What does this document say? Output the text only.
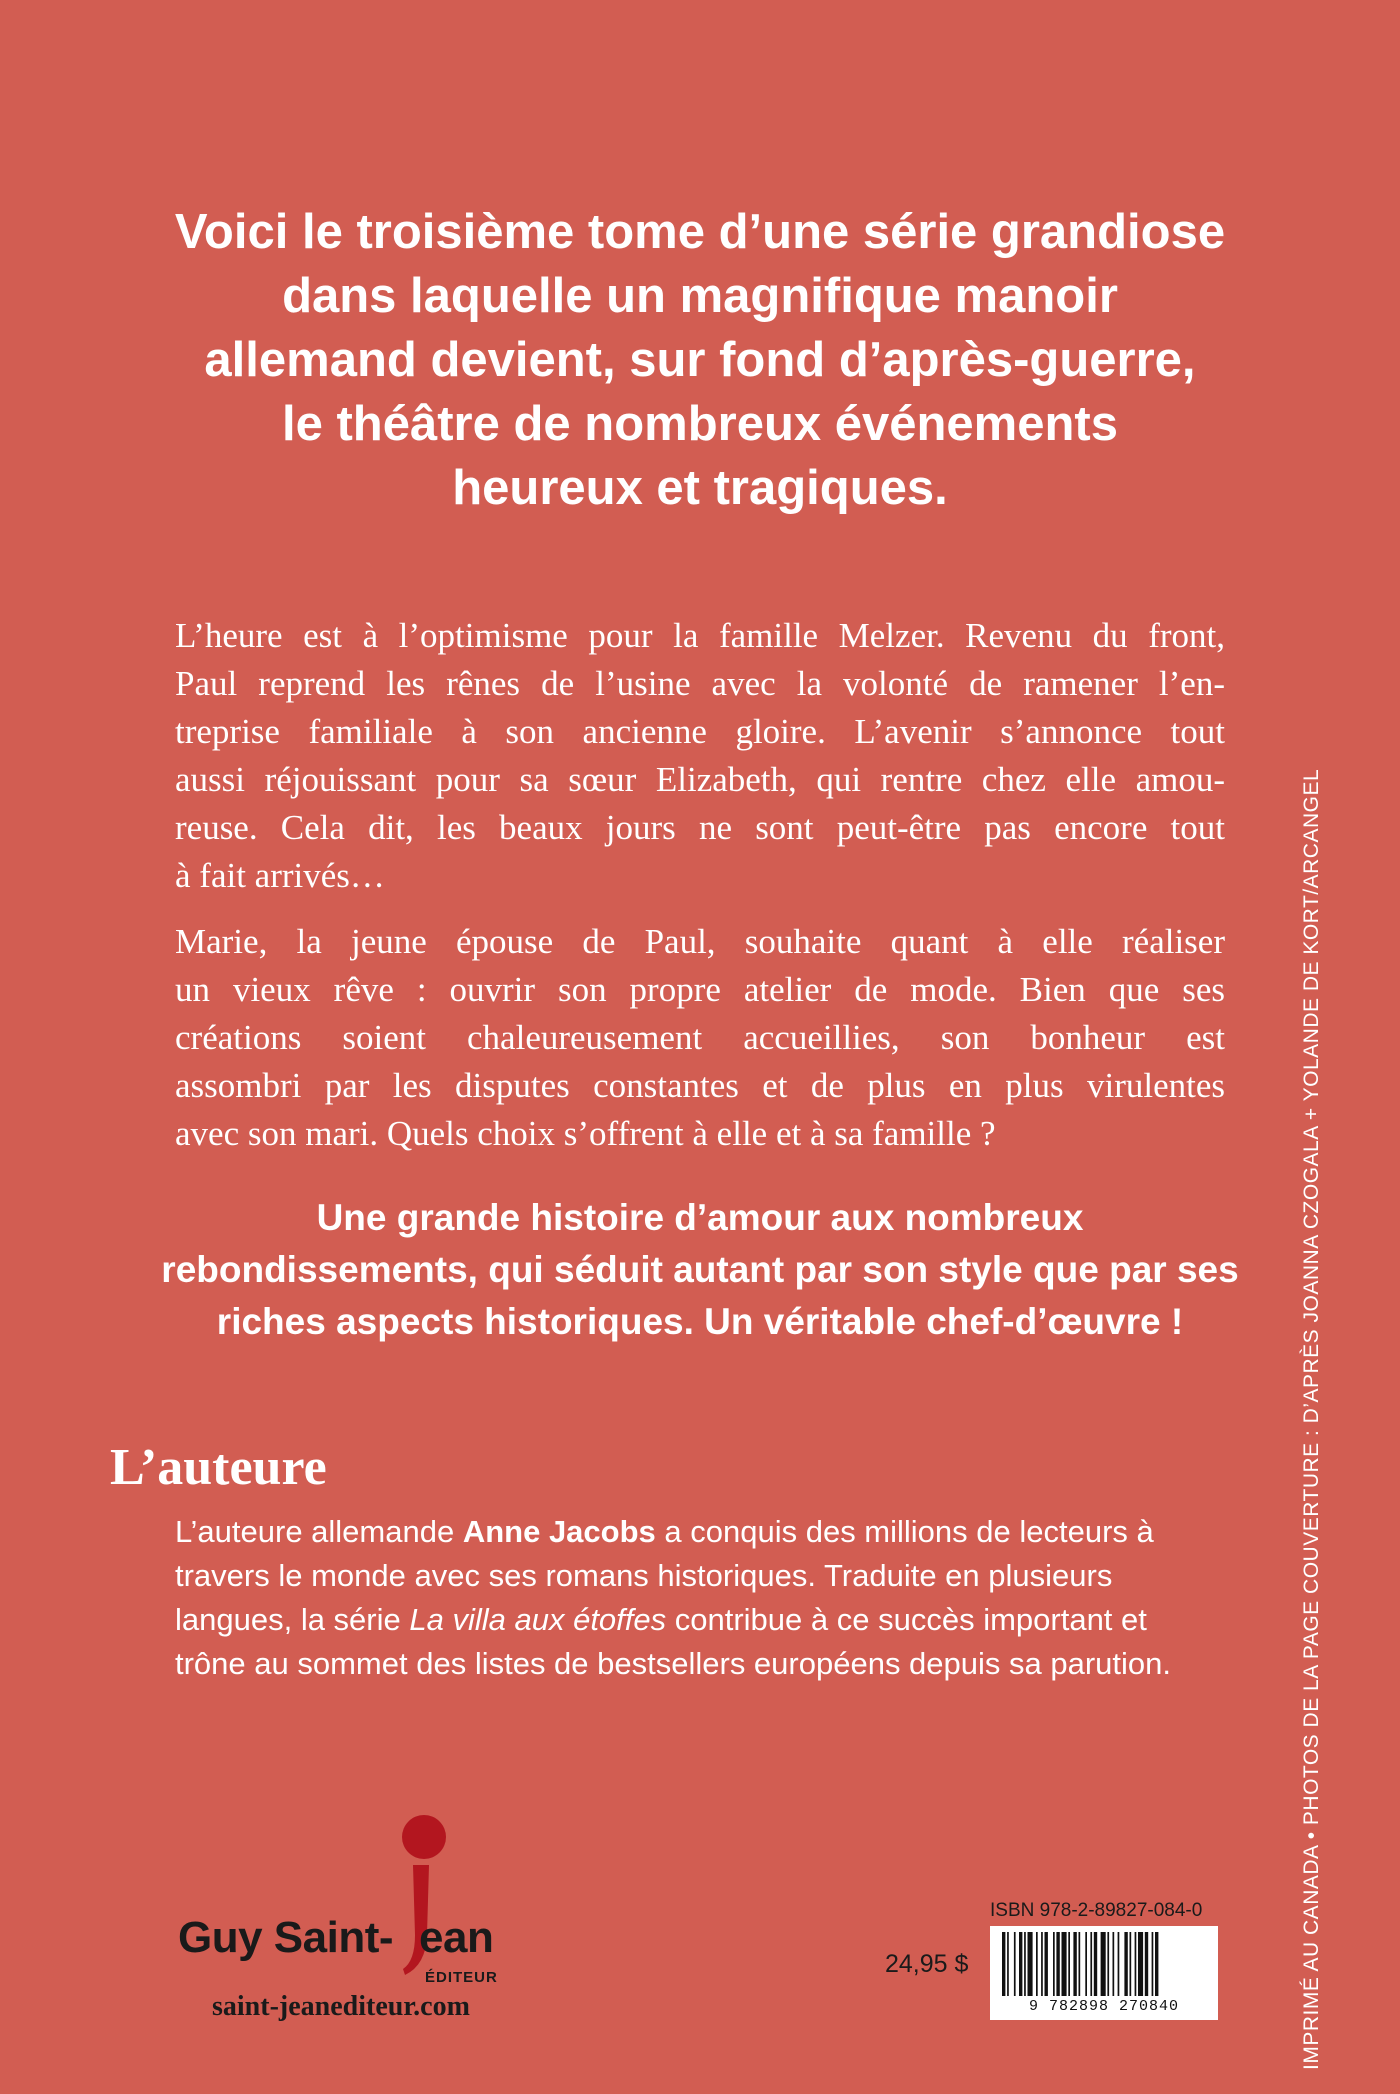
Voici le troisième tome d’une série grandiose
dans laquelle un magnifique manoir
allemand devient, sur fond d’après-guerre,
le théâtre de nombreux événements
heureux et tragiques.
L’heure est à l’optimisme pour la famille Melzer. Revenu du front,
Paul reprend les rênes de l’usine avec la volonté de ramener l’en-
treprise familiale à son ancienne gloire. L’avenir s’annonce tout
aussi réjouissant pour sa sœur Elizabeth, qui rentre chez elle amou-
reuse. Cela dit, les beaux jours ne sont peut-être pas encore tout
à fait arrivés…
Marie, la jeune épouse de Paul, souhaite quant à elle réaliser
un vieux rêve : ouvrir son propre atelier de mode. Bien que ses
créations soient chaleureusement accueillies, son bonheur est
assombri par les disputes constantes et de plus en plus virulentes
avec son mari. Quels choix s’offrent à elle et à sa famille ?
Une grande histoire d’amour aux nombreux
rebondissements, qui séduit autant par son style que par ses
riches aspects historiques. Un véritable chef-d’œuvre !
L’auteure
L’auteure allemande Anne Jacobs a conquis des millions de lecteurs à
travers le monde avec ses romans historiques. Traduite en plusieurs
langues, la série La villa aux étoffes contribue à ce succès important et
trône au sommet des listes de bestsellers européens depuis sa parution.	IMPRIMÉ AU CANADA • PHOTOS DE LA PAGE COUVERTURE : D’APRÈS JOANNA CZOGALA + YOLANDE DE KORT/ARCANGEL
Guy Saint- ean
ÉDITEUR
saint-jeanediteur.com
ISBN 978-2-89827-084-0
24,95 $
9 782898 270840
